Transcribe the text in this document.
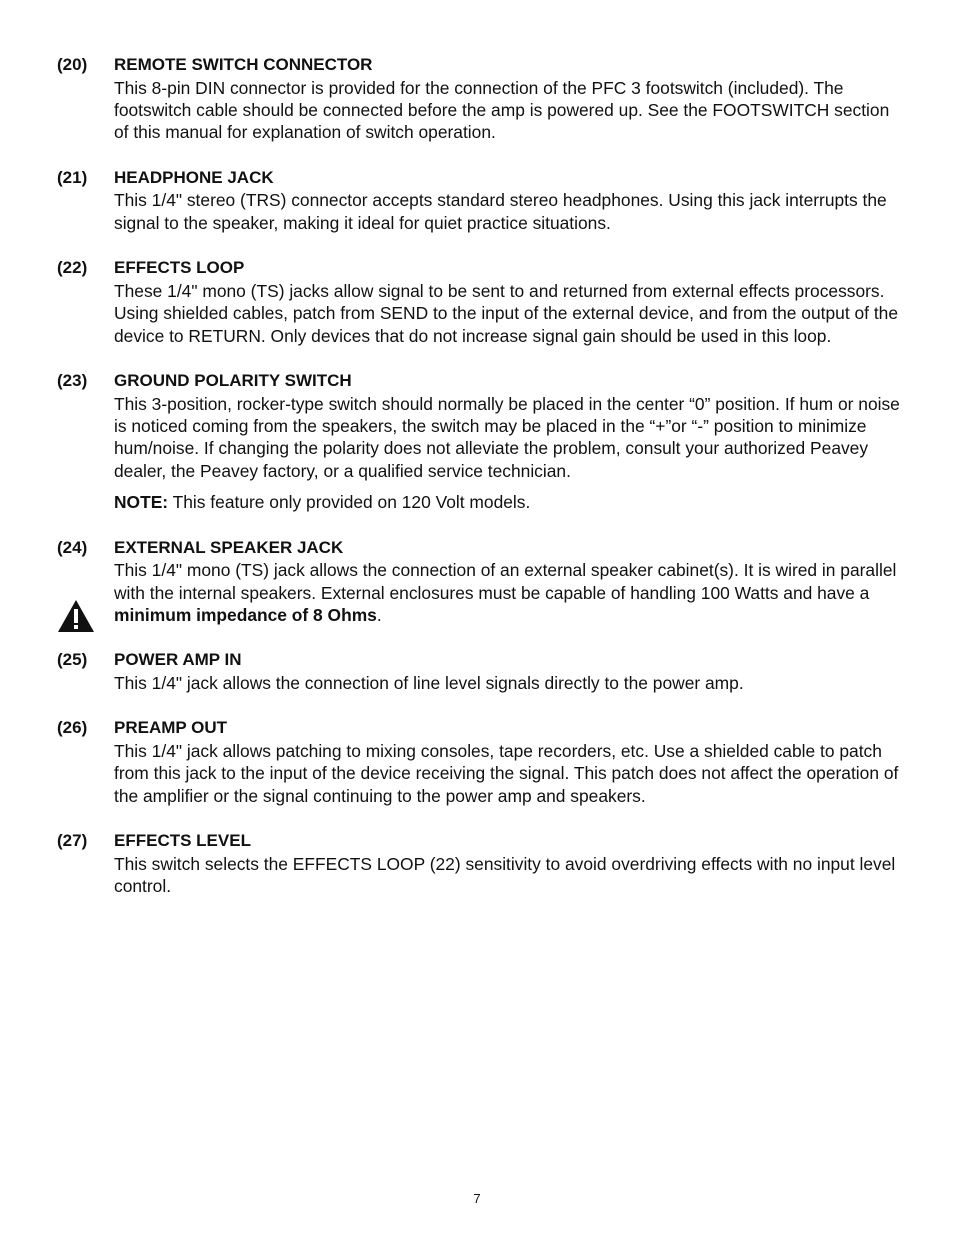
(20) REMOTE SWITCH CONNECTOR
This 8-pin DIN connector is provided for the connection of the PFC 3 footswitch (included). The footswitch cable should be connected before the amp is powered up. See the FOOTSWITCH section of this manual for explanation of switch operation.
(21) HEADPHONE JACK
This 1/4" stereo (TRS) connector accepts standard stereo headphones. Using this jack interrupts the signal to the speaker, making it ideal for quiet practice situations.
(22) EFFECTS LOOP
These 1/4" mono (TS) jacks allow signal to be sent to and returned from external effects processors. Using shielded cables, patch from SEND to the input of the external device, and from the output of the device to RETURN. Only devices that do not increase signal gain should be used in this loop.
(23) GROUND POLARITY SWITCH
This 3-position, rocker-type switch should normally be placed in the center “0” position. If hum or noise is noticed coming from the speakers, the switch may be placed in the “+”or “-” position to minimize hum/noise. If changing the polarity does not alleviate the problem, consult your authorized Peavey dealer, the Peavey factory, or a qualified service technician.
NOTE: This feature only provided on 120 Volt models.
(24) EXTERNAL SPEAKER JACK
This 1/4" mono (TS) jack allows the connection of an external speaker cabinet(s). It is wired in parallel with the internal speakers. External enclosures must be capable of handling 100 Watts and have a minimum impedance of 8 Ohms.
(25) POWER AMP IN
This 1/4" jack allows the connection of line level signals directly to the power amp.
(26) PREAMP OUT
This 1/4" jack allows patching to mixing consoles, tape recorders, etc. Use a shielded cable to patch from this jack to the input of the device receiving the signal. This patch does not affect the operation of the amplifier or the signal continuing to the power amp and speakers.
(27) EFFECTS LEVEL
This switch selects the EFFECTS LOOP (22) sensitivity to avoid overdriving effects with no input level control.
7
